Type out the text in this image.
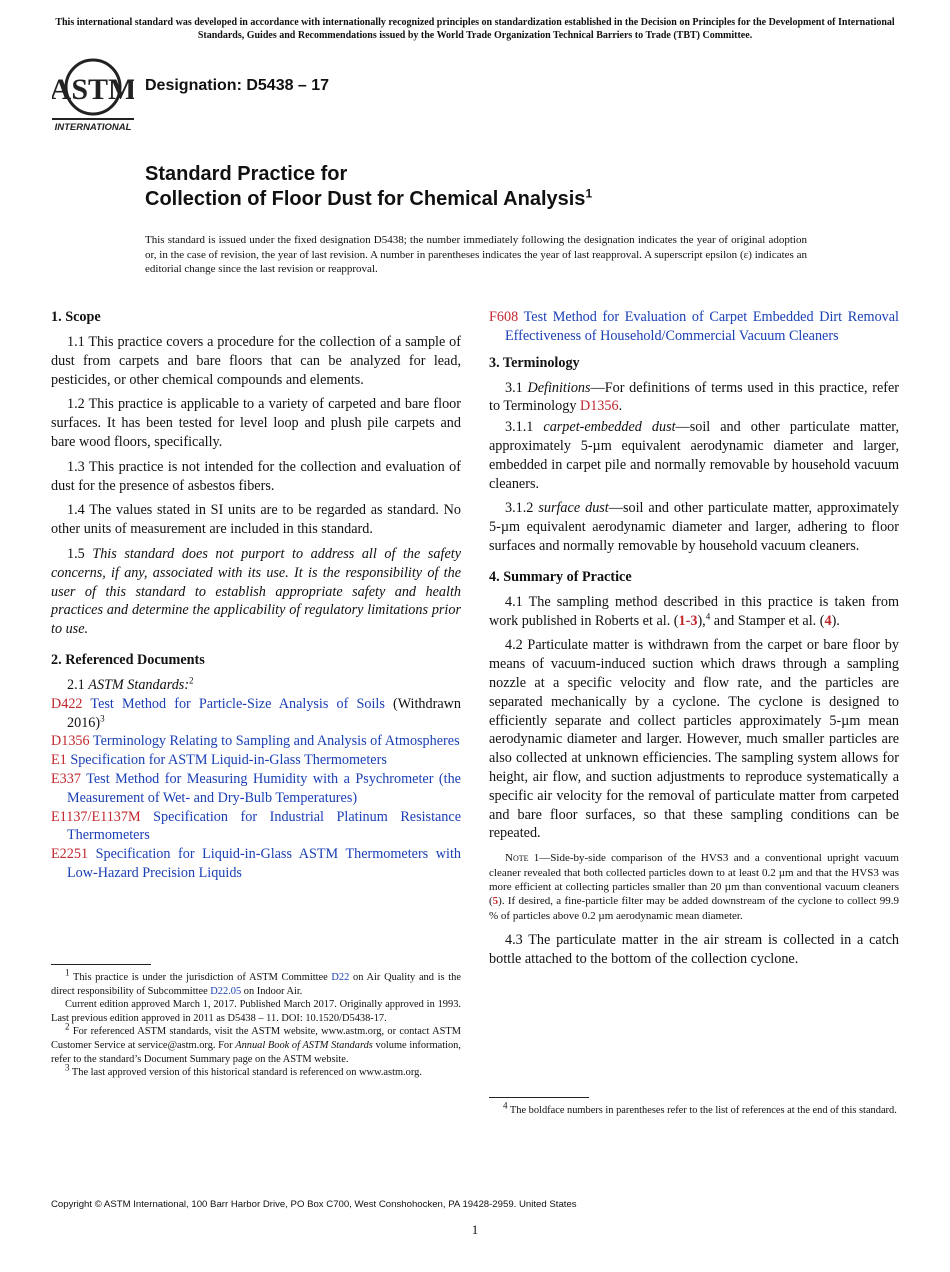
This international standard was developed in accordance with internationally recognized principles on standardization established in the Decision on Principles for the Development of International Standards, Guides and Recommendations issued by the World Trade Organization Technical Barriers to Trade (TBT) Committee.
ASTM
INTERNATIONAL
Designation: D5438 – 17
Standard Practice for
Collection of Floor Dust for Chemical Analysis$^1$
This standard is issued under the fixed designation D5438; the number immediately following the designation indicates the year of original adoption or, in the case of revision, the year of last revision. A number in parentheses indicates the year of last reapproval. A superscript epsilon (ε) indicates an editorial change since the last revision or reapproval.
1. Scope

1.1 This practice covers a procedure for the collection of a sample of dust from carpets and bare floors that can be analyzed for lead, pesticides, or other chemical compounds and elements.

1.2 This practice is applicable to a variety of carpeted and bare floor surfaces. It has been tested for level loop and plush pile carpets and bare wood floors, specifically.

1.3 This practice is not intended for the collection and evaluation of dust for the presence of asbestos fibers.

1.4 The values stated in SI units are to be regarded as standard. No other units of measurement are included in this standard.

1.5 This standard does not purport to address all of the safety concerns, if any, associated with its use. It is the responsibility of the user of this standard to establish appropriate safety and health practices and determine the applicability of regulatory limitations prior to use.

2. Referenced Documents

2.1 ASTM Standards:$^2$

D422 Test Method for Particle-Size Analysis of Soils (Withdrawn 2016)$^3$

D1356 Terminology Relating to Sampling and Analysis of Atmospheres

E1 Specification for ASTM Liquid-in-Glass Thermometers

E337 Test Method for Measuring Humidity with a Psychrometer (the Measurement of Wet- and Dry-Bulb Temperatures)

E1137/E1137M Specification for Industrial Platinum Resistance Thermometers

E2251 Specification for Liquid-in-Glass ASTM Thermometers with Low-Hazard Precision Liquids

F608 Test Method for Evaluation of Carpet Embedded Dirt Removal Effectiveness of Household/Commercial Vacuum Cleaners

3. Terminology

3.1 Definitions—For definitions of terms used in this practice, refer to Terminology D1356.

3.1.1 carpet-embedded dust—soil and other particulate matter, approximately 5-µm equivalent aerodynamic diameter and larger, embedded in carpet pile and normally removable by household vacuum cleaners.

3.1.2 surface dust—soil and other particulate matter, approximately 5-µm equivalent aerodynamic diameter and larger, adhering to floor surfaces and normally removable by household vacuum cleaners.

4. Summary of Practice

4.1 The sampling method described in this practice is taken from work published in Roberts et al. (1-3),$^4$ and Stamper et al. (4).

4.2 Particulate matter is withdrawn from the carpet or bare floor by means of vacuum-induced suction which draws through a sampling nozzle at a specific velocity and flow rate, and the particles are separated mechanically by a cyclone. The cyclone is designed to efficiently separate and collect particles approximately 5-µm mean aerodynamic diameter and larger. However, much smaller particles are also collected at unknown efficiencies. The sampling system allows for height, air flow, and suction adjustments to reproduce systematically a specific air velocity for the removal of particulate matter from carpeted and bare floor surfaces, so that these sampling conditions can be repeated.

Note 1—Side-by-side comparison of the HVS3 and a conventional upright vacuum cleaner revealed that both collected particles down to at least 0.2 µm and that the HVS3 was more efficient at collecting particles smaller than 20 µm than conventional vacuum cleaners (5). If desired, a fine-particle filter may be added downstream of the cyclone to collect 99.9 % of particles above 0.2 µm aerodynamic mean diameter.

4.3 The particulate matter in the air stream is collected in a catch bottle attached to the bottom of the collection cyclone.

$^1$ This practice is under the jurisdiction of ASTM Committee D22 on Air Quality and is the direct responsibility of Subcommittee D22.05 on Indoor Air.

Current edition approved March 1, 2017. Published March 2017. Originally approved in 1993. Last previous edition approved in 2011 as D5438 – 11. DOI: 10.1520/D5438-17.

$^2$ For referenced ASTM standards, visit the ASTM website, www.astm.org, or contact ASTM Customer Service at service@astm.org. For Annual Book of ASTM Standards volume information, refer to the standard’s Document Summary page on the ASTM website.

$^3$ The last approved version of this historical standard is referenced on www.astm.org.

$^4$ The boldface numbers in parentheses refer to the list of references at the end of this standard.

Copyright © ASTM International, 100 Barr Harbor Drive, PO Box C700, West Conshohocken, PA 19428-2959. United States
1
